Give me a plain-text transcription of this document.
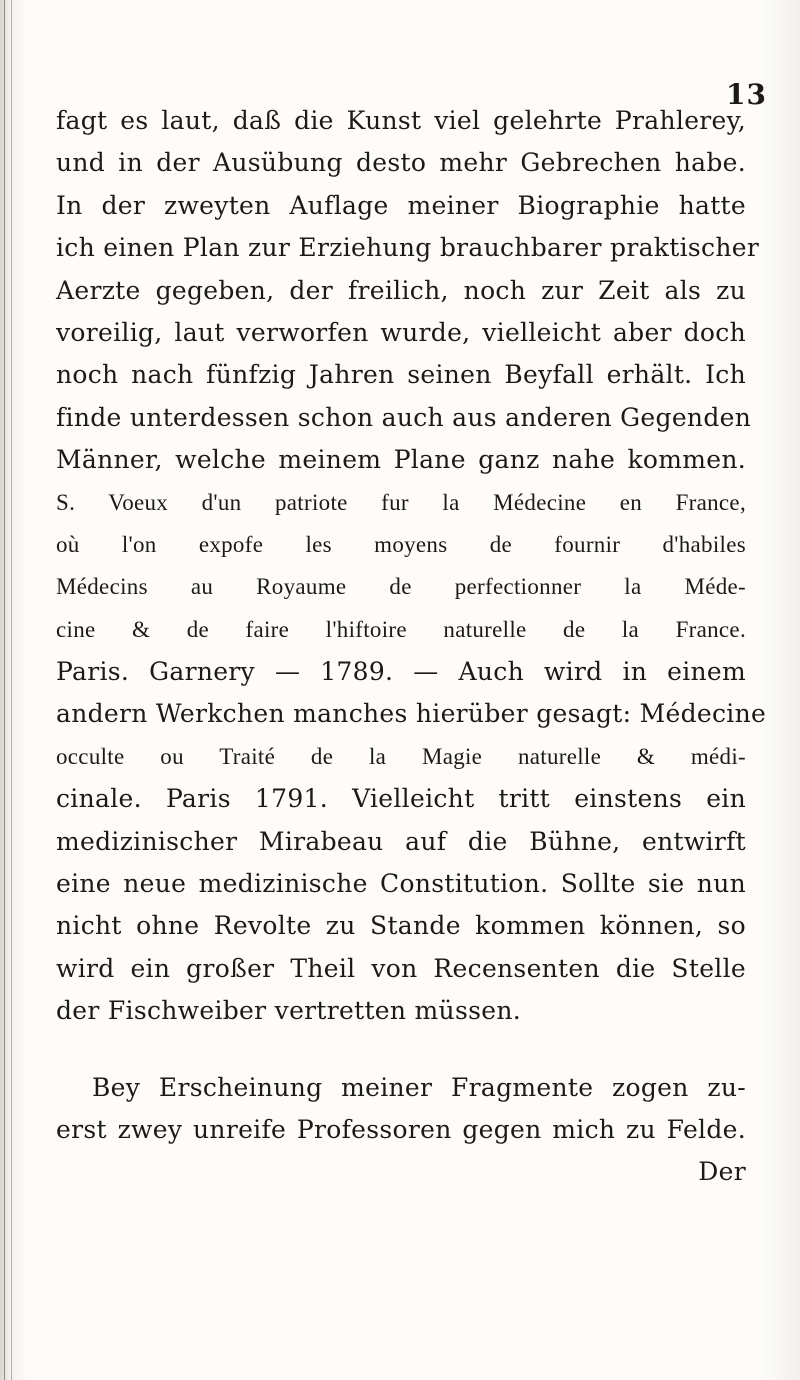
13
fagt es laut, daß die Kunst viel gelehrte Prahlerey,
und in der Ausübung desto mehr Gebrechen habe.
In der zweyten Auflage meiner Biographie hatte
ich einen Plan zur Erziehung brauchbarer praktischer
Aerzte gegeben, der freilich, noch zur Zeit als zu
voreilig, laut verworfen wurde, vielleicht aber doch
noch nach fünfzig Jahren seinen Beyfall erhält. Ich
finde unterdessen schon auch aus anderen Gegenden
Männer, welche meinem Plane ganz nahe kommen.
S. Voeux d'un patriote fur la Médecine en France,
où l'on expofe les moyens de fournir d'habiles
Médecins au Royaume de perfectionner la Méde-
cine & de faire l'hiftoire naturelle de la France.
Paris. Garnery — 1789. — Auch wird in einem
andern Werkchen manches hierüber gesagt: Médecine
occulte ou Traité de la Magie naturelle & médi-
cinale. Paris 1791. Vielleicht tritt einstens ein
medizinischer Mirabeau auf die Bühne, entwirft
eine neue medizinische Constitution. Sollte sie nun
nicht ohne Revolte zu Stande kommen können, so
wird ein großer Theil von Recensenten die Stelle
der Fischweiber vertretten müssen.
Bey Erscheinung meiner Fragmente zogen zu-
erst zwey unreife Professoren gegen mich zu Felde.
Der
